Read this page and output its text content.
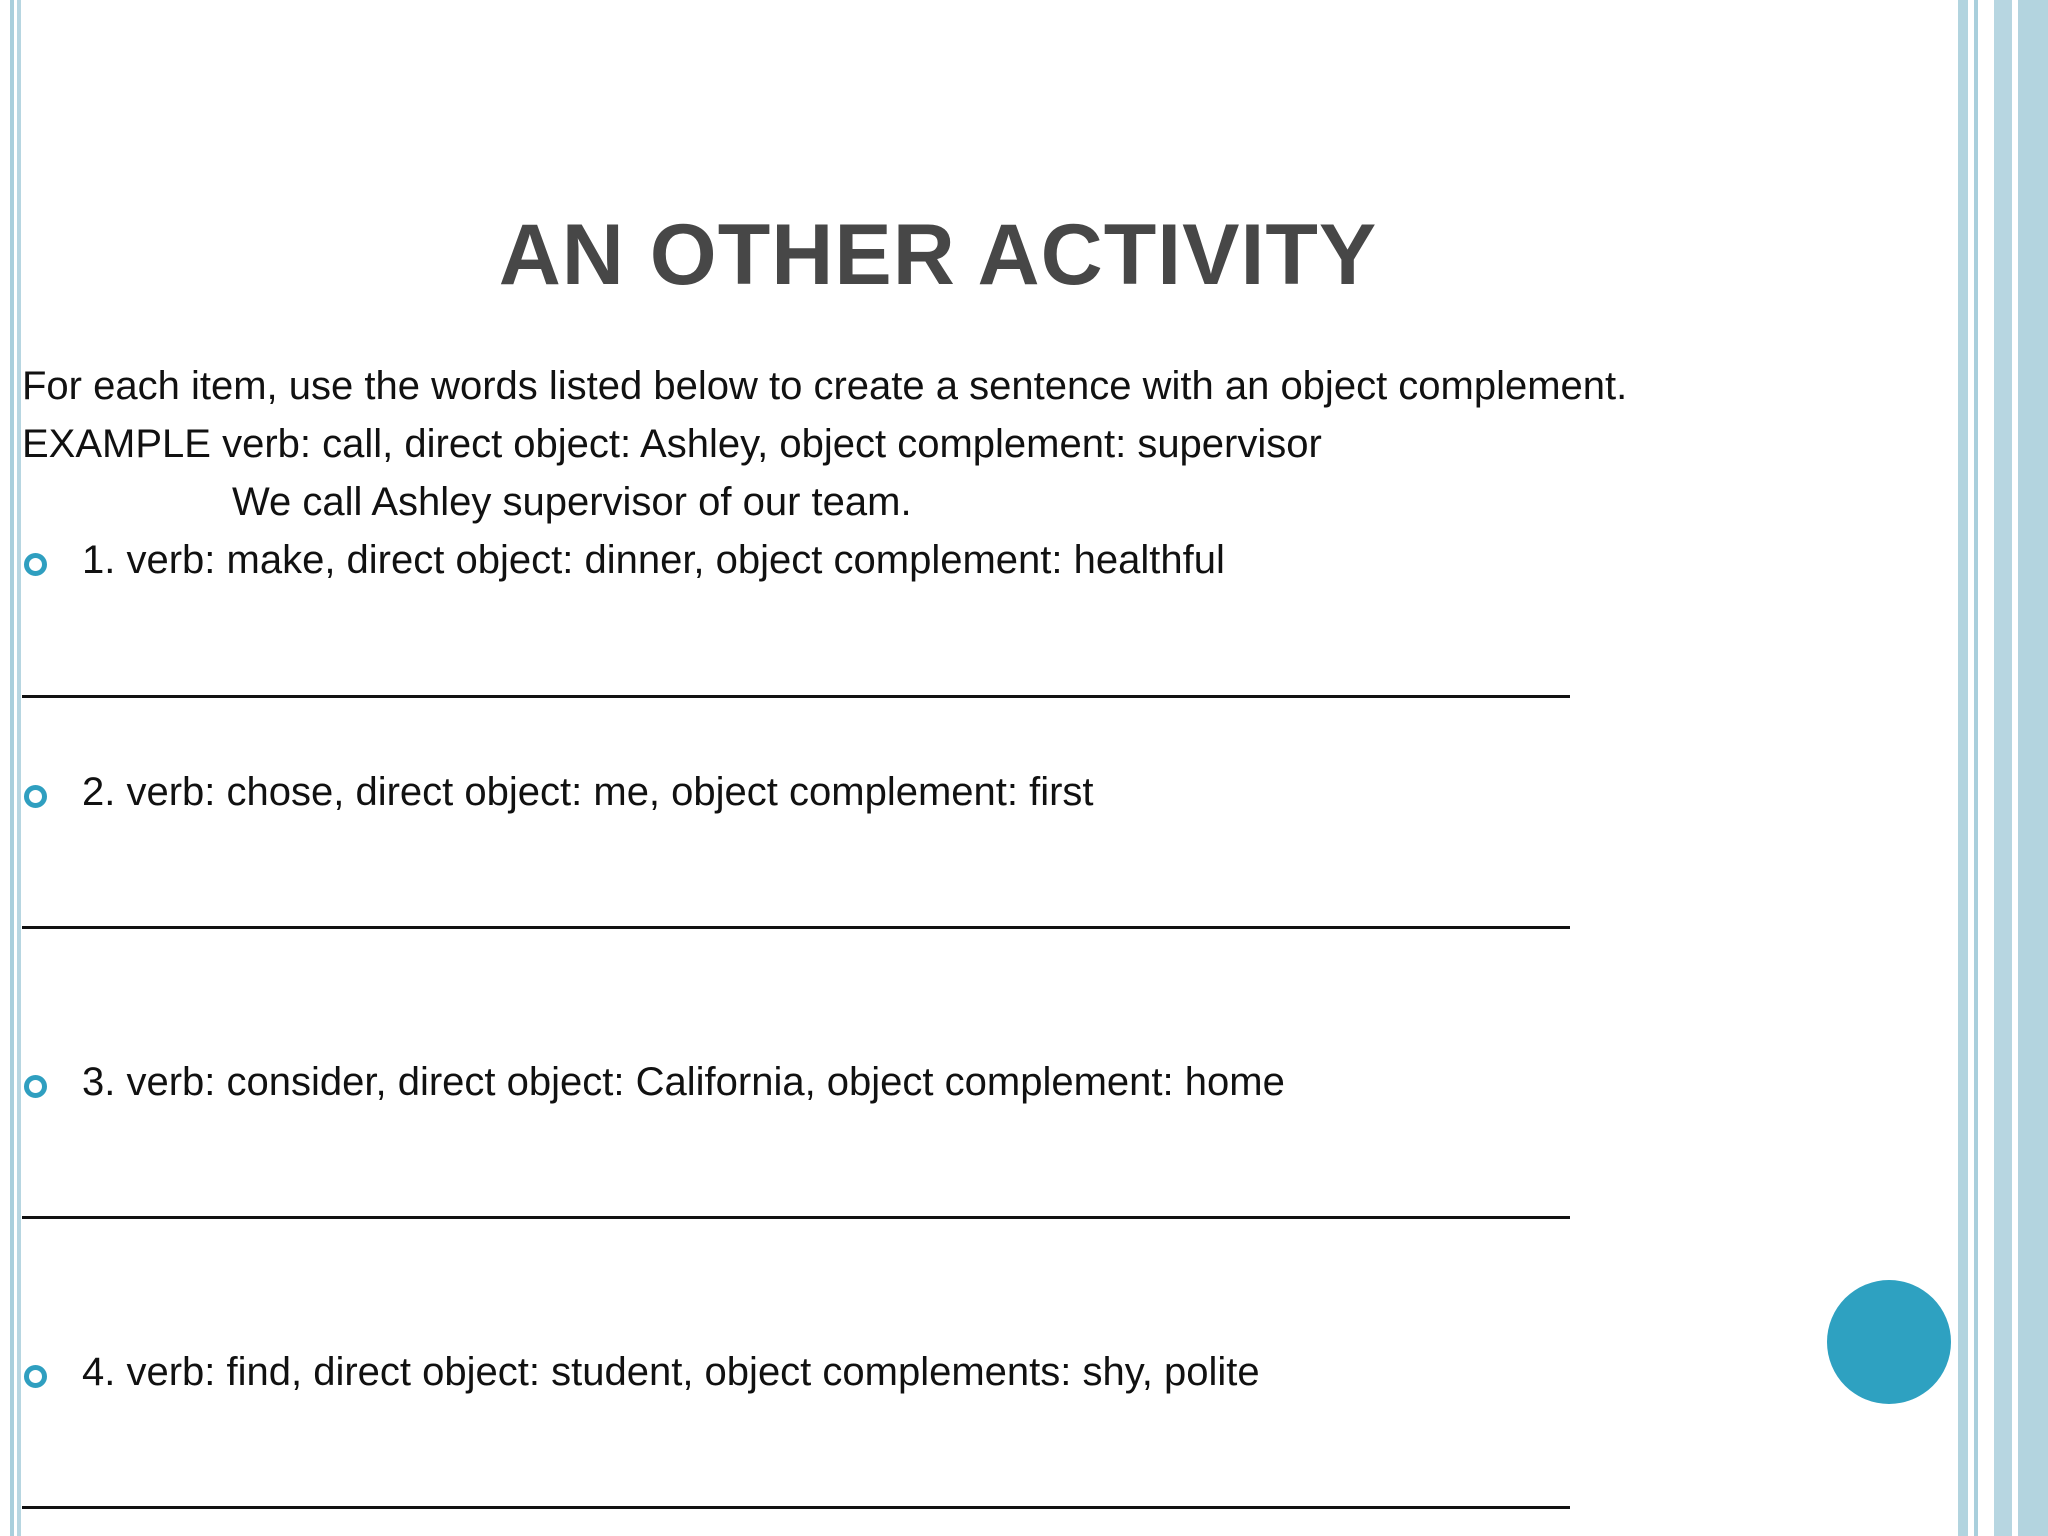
AN OTHER ACTIVITY
For each item, use the words listed below to create a sentence with an object complement.
EXAMPLE verb: call, direct object: Ashley, object complement: supervisor
We call Ashley supervisor of our team.
1. verb: make, direct object: dinner, object complement: healthful
2. verb: chose, direct object: me, object complement: first
3. verb: consider, direct object: California, object complement: home
4. verb: find, direct object: student, object complements: shy, polite
